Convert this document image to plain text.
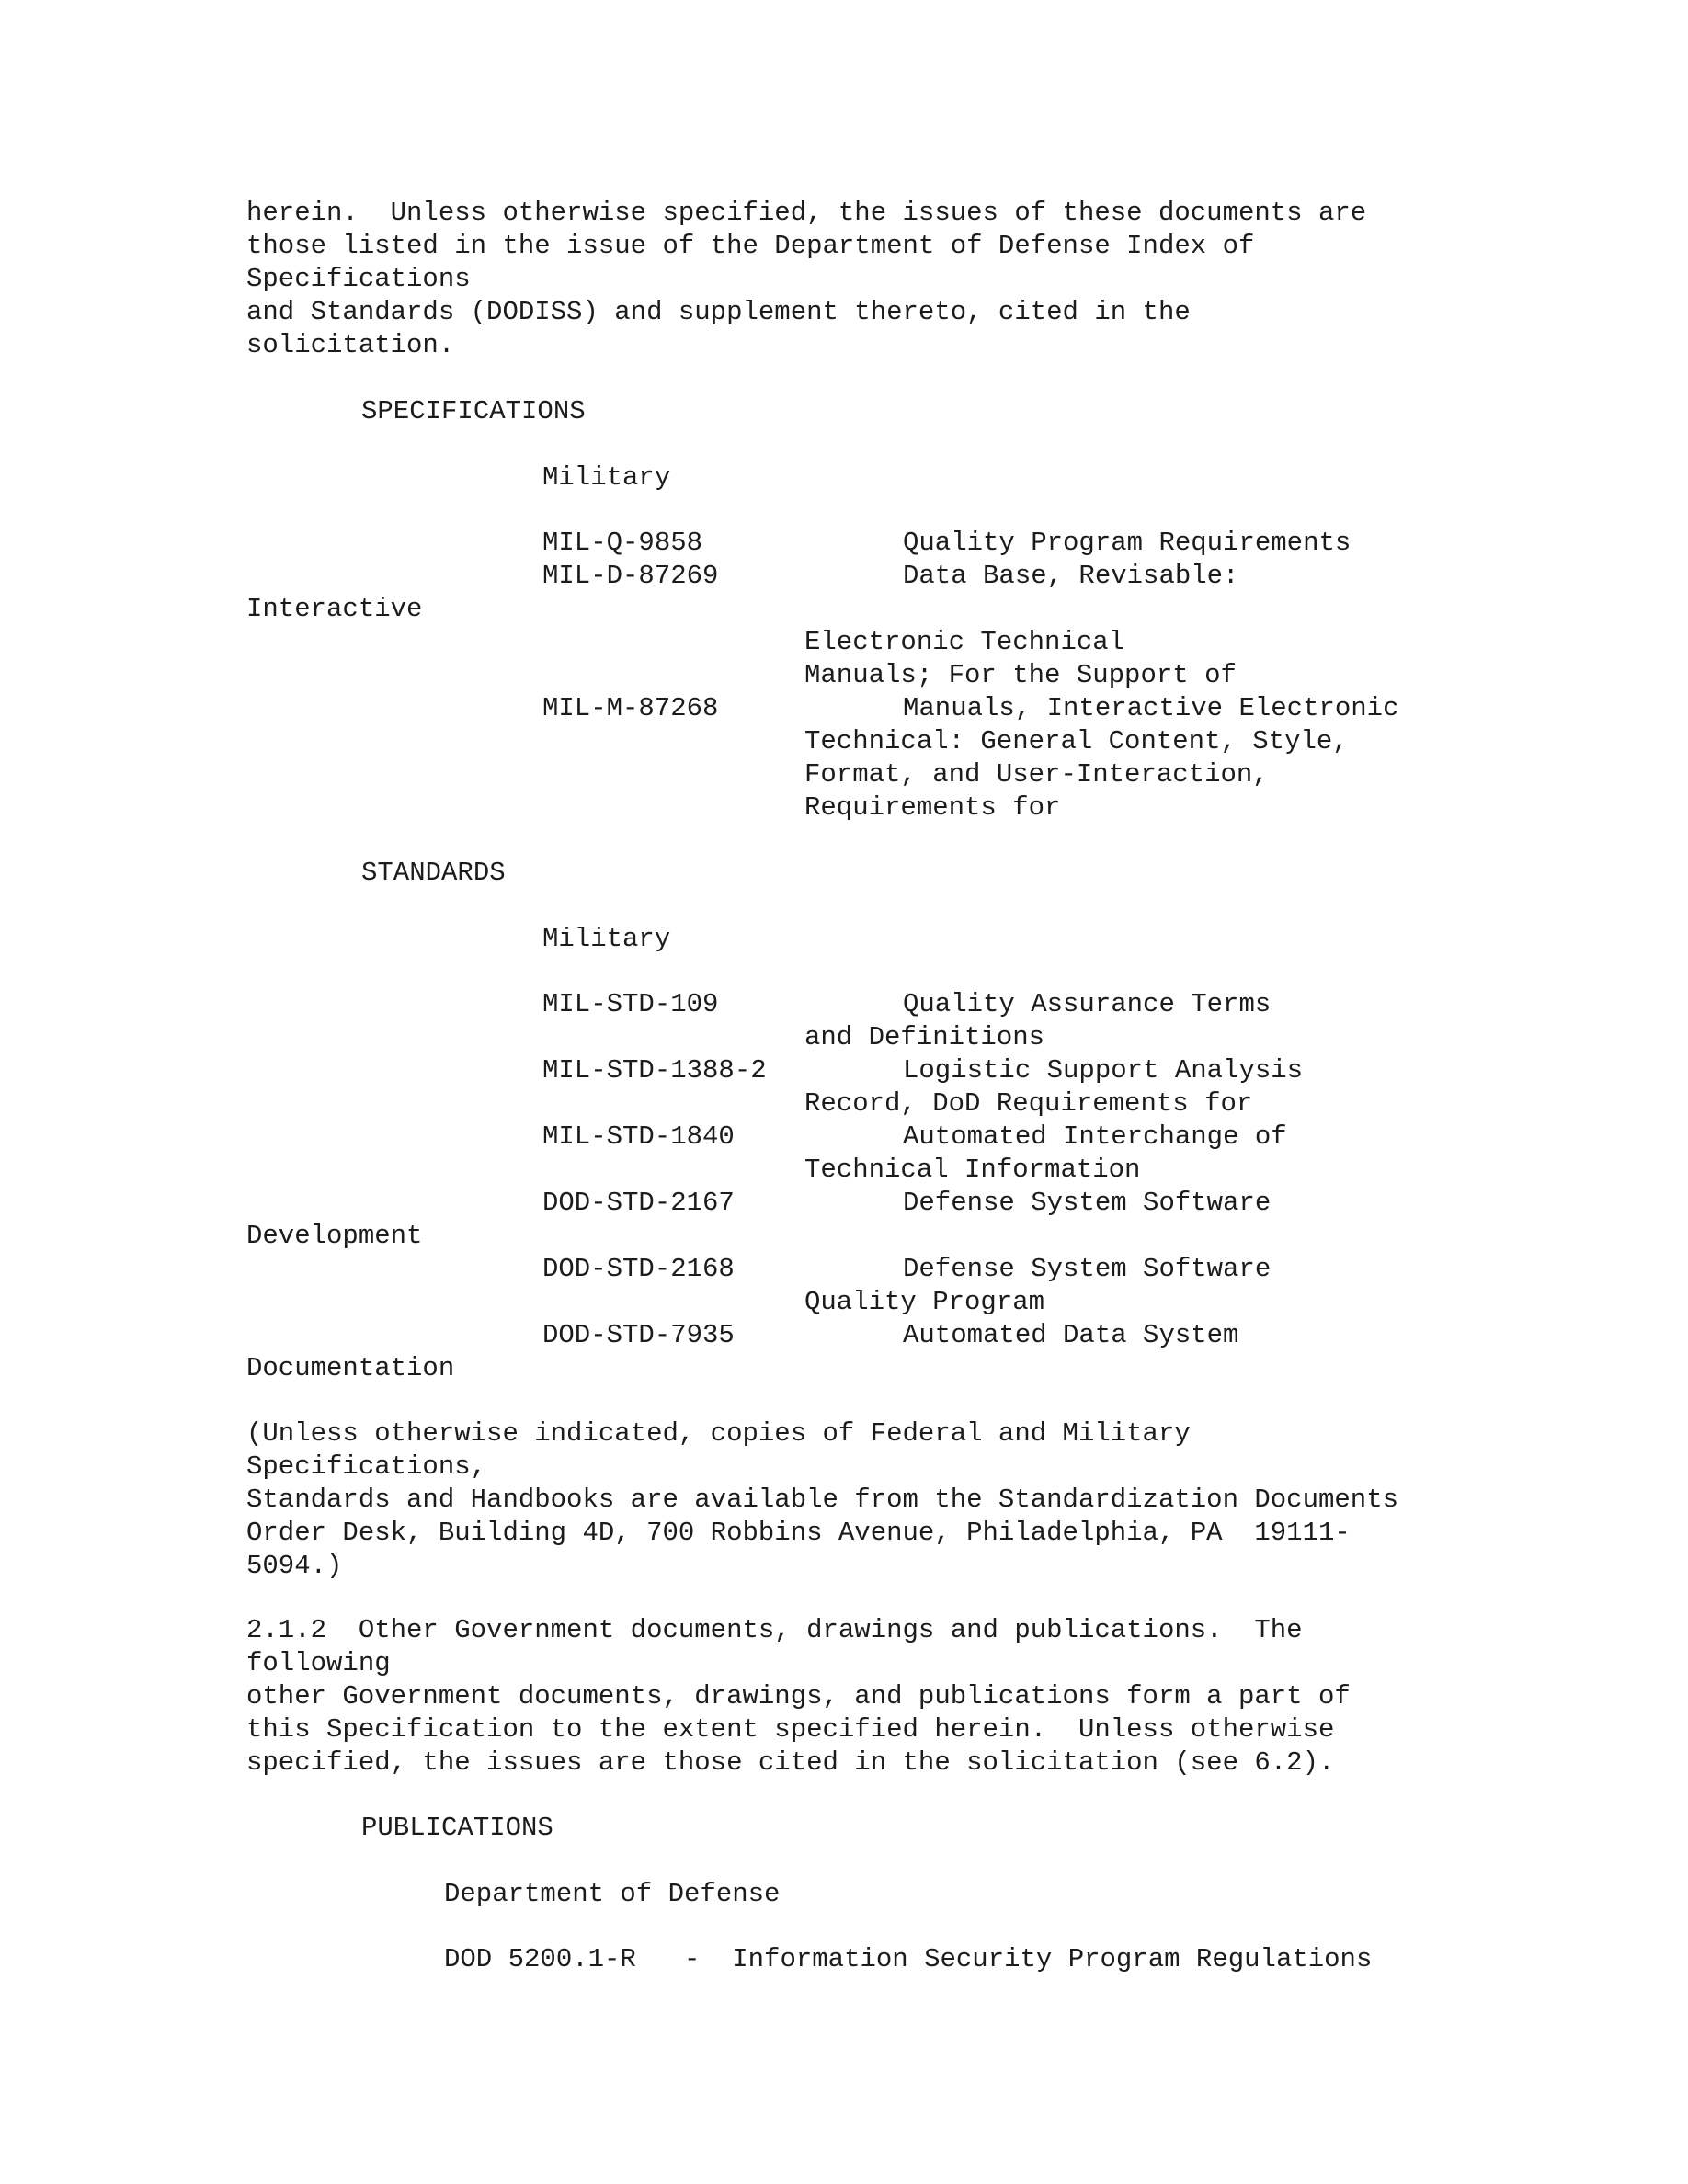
herein.  Unless otherwise specified, the issues of these documents are

those listed in the issue of the Department of Defense Index of

Specifications

and Standards (DODISS) and supplement thereto, cited in the

solicitation.

SPECIFICATIONS

Military

MIL-Q-9858	Quality Program Requirements

MIL-D-87269	Data Base, Revisable:

Interactive

Electronic Technical

Manuals; For the Support of

MIL-M-87268	Manuals, Interactive Electronic

Technical: General Content, Style,

Format, and User-Interaction,

Requirements for

STANDARDS

Military

MIL-STD-109	Quality Assurance Terms

and Definitions

MIL-STD-1388-2	Logistic Support Analysis

Record, DoD Requirements for

MIL-STD-1840	Automated Interchange of

Technical Information

DOD-STD-2167	Defense System Software

Development

DOD-STD-2168	Defense System Software

Quality Program

DOD-STD-7935	Automated Data System

Documentation

(Unless otherwise indicated, copies of Federal and Military

Specifications,

Standards and Handbooks are available from the Standardization Documents

Order Desk, Building 4D, 700 Robbins Avenue, Philadelphia, PA  19111-

5094.)

2.1.2  Other Government documents, drawings and publications.  The

following

other Government documents, drawings, and publications form a part of

this Specification to the extent specified herein.  Unless otherwise

specified, the issues are those cited in the solicitation (see 6.2).

PUBLICATIONS

Department of Defense

DOD 5200.1-R   -  Information Security Program Regulations
